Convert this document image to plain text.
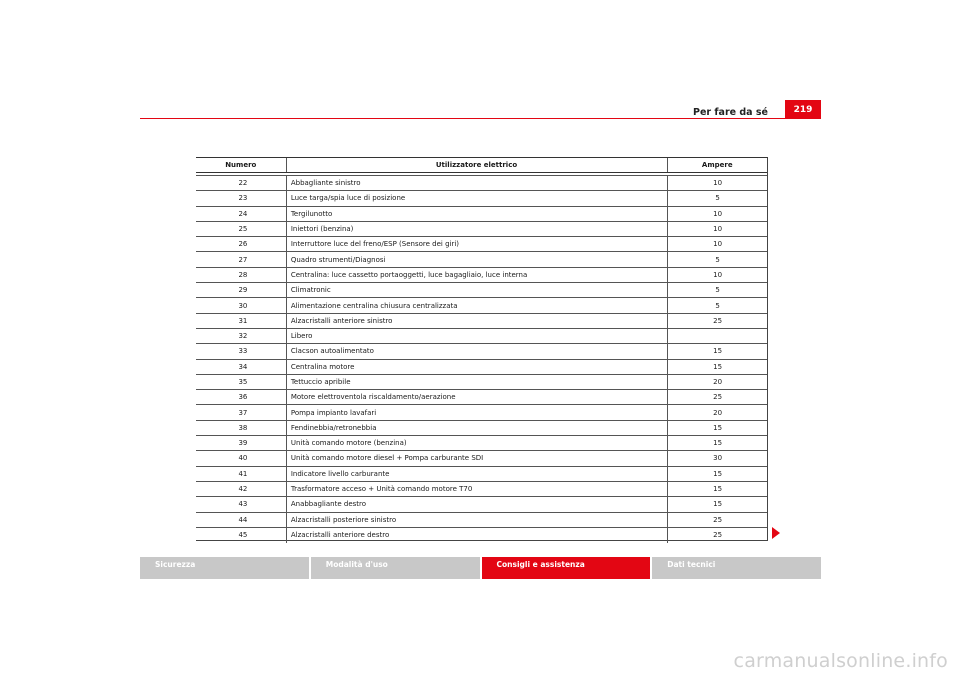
Per fare da sé	219
Numero	Utilizzatore elettrico	Ampere
22	Abbagliante sinistro	10
23	Luce targa/spia luce di posizione	5
24	Tergilunotto	10
25	Iniettori (benzina)	10
26	Interruttore luce del freno/ESP (Sensore dei giri)	10
27	Quadro strumenti/Diagnosi	5
28	Centralina: luce cassetto portaoggetti, luce bagagliaio, luce interna	10
29	Climatronic	5
30	Alimentazione centralina chiusura centralizzata	5
31	Alzacristalli anteriore sinistro	25
32	Libero
33	Clacson autoalimentato	15
34	Centralina motore	15
35	Tettuccio apribile	20
36	Motore elettroventola riscaldamento/aerazione	25
37	Pompa impianto lavafari	20
38	Fendinebbia/retronebbia	15
39	Unità comando motore (benzina)	15
40	Unità comando motore diesel + Pompa carburante SDI	30
41	Indicatore livello carburante	15
42	Trasformatore acceso + Unità comando motore T70	15
43	Anabbagliante destro	15
44	Alzacristalli posteriore sinistro	25
45	Alzacristalli anteriore destro	25
Sicurezza	Modalità d'uso	Consigli e assistenza	Dati tecnici
carmanualsonline.info
